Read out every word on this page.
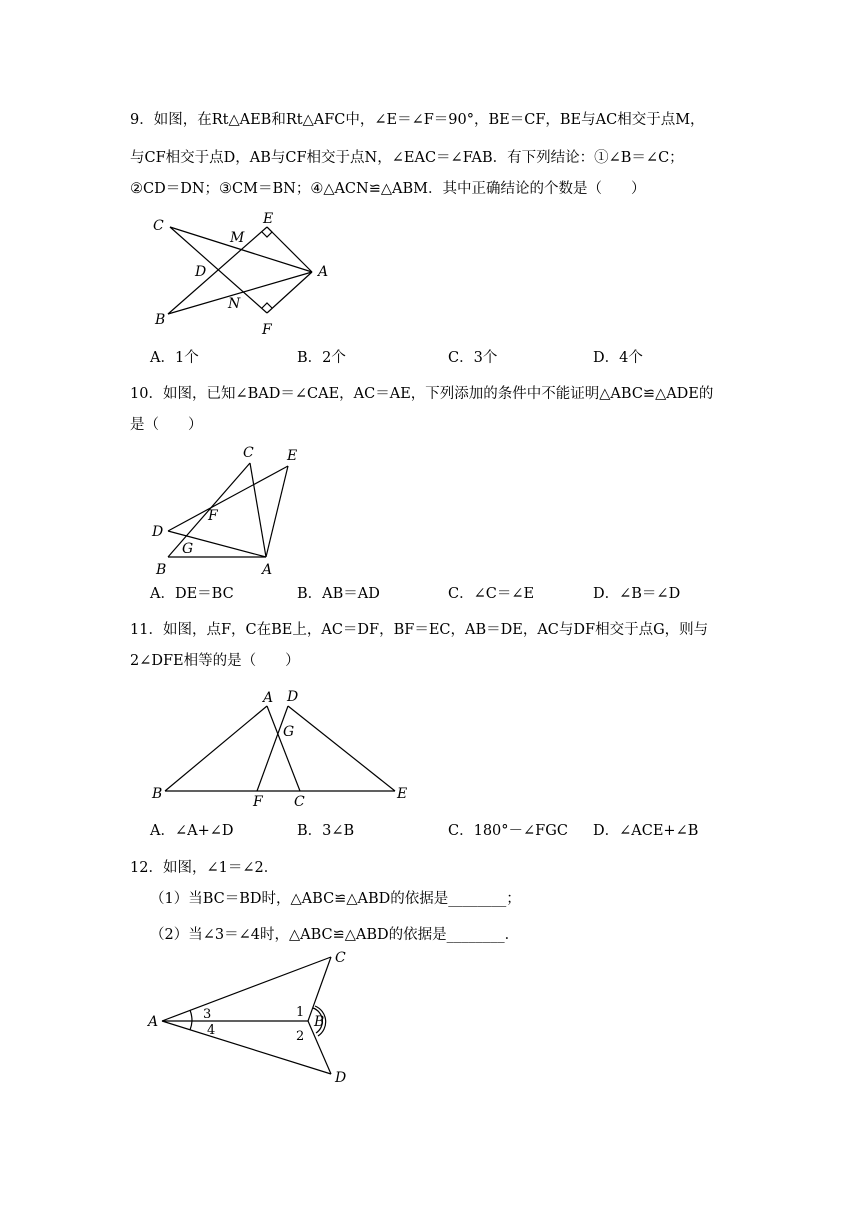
9．如图，在Rt△AEB和Rt△AFC中，∠E＝∠F＝90°，BE＝CF，BE与AC相交于点M，
与CF相交于点D，AB与CF相交于点N，∠EAC＝∠FAB．有下列结论：①∠B＝∠C；
②CD＝DN；③CM＝BN；④△ACN≌△ABM．其中正确结论的个数是（　　）
C	E
M
D	A
B
N
F
A．1个	B．2个	C．3个	D．4个
10．如图，已知∠BAD＝∠CAE，AC＝AE，下列添加的条件中不能证明△ABC≌△ADE的
是（　　）
C E
F
D
G
B	A
A．DE＝BC	B．AB＝AD	C．∠C＝∠E	D．∠B＝∠D
11．如图，点F，C在BE上，AC＝DF，BF＝EC，AB＝DE，AC与DF相交于点G，则与
2∠DFE相等的是（　　）
A D
G
B	F C	E
A．∠A+∠D	B．3∠B	C．180°－∠FGC D．∠ACE+∠B
12．如图，∠1＝∠2．
（1）当BC＝BD时，△ABC≌△ABD的依据是________；
（2）当∠3＝∠4时，△ABC≌△ABD的依据是________．
C
A	3
4
1
B
2
D
